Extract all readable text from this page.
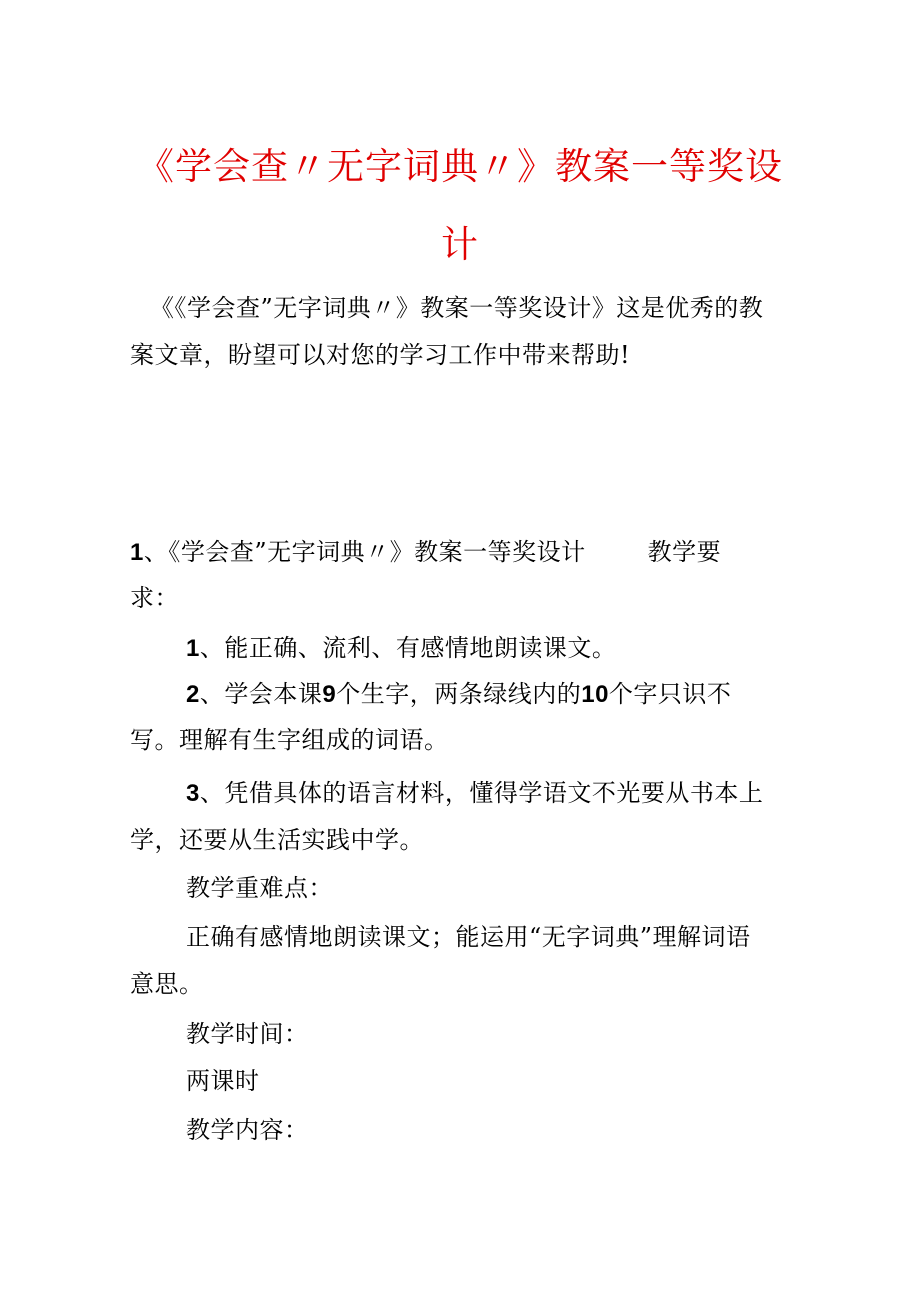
《学会查〃无字词典〃》教案一等奖设
计
《《学会查”无字词典〃》教案一等奖设计》这是优秀的教
案文章，盼望可以对您的学习工作中带来帮助!
1、《学会查”无字词典〃》教案一等奖设计	教学要
求：
1、能正确、流利、有感情地朗读课文。
2、学会本课9个生字，两条绿线内的10个字只识不
写。理解有生字组成的词语。
3、凭借具体的语言材料，懂得学语文不光要从书本上
学，还要从生活实践中学。
教学重难点：
正确有感情地朗读课文；能运用“无字词典”理解词语
意思。
教学时间：
两课时
教学内容：
